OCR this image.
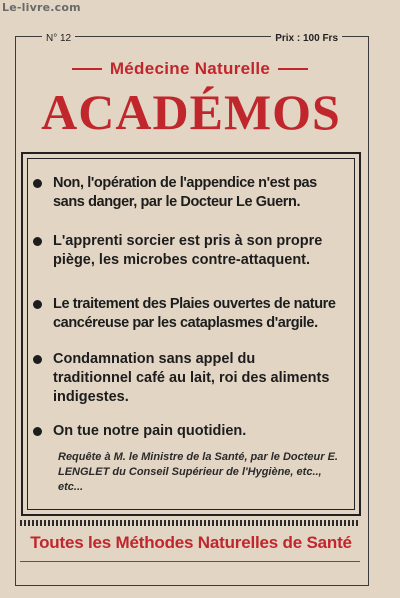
Le-livre.com
N° 12	Prix : 100 Frs
Médecine Naturelle
ACADÉMOS
Non, l'opération de l'appendice n'est pas sans danger, par le Docteur Le Guern.
L'apprenti sorcier est pris à son propre piège, les microbes contre-attaquent.
Le traitement des Plaies ouvertes de nature cancéreuse par les cataplasmes d'argile.
Condamnation sans appel du traditionnel café au lait, roi des aliments indigestes.
On tue notre pain quotidien.
Requête à M. le Ministre de la Santé, par le Docteur E. LENGLET du Conseil Supérieur de l'Hygiène, etc.., etc...
Toutes les Méthodes Naturelles de Santé
